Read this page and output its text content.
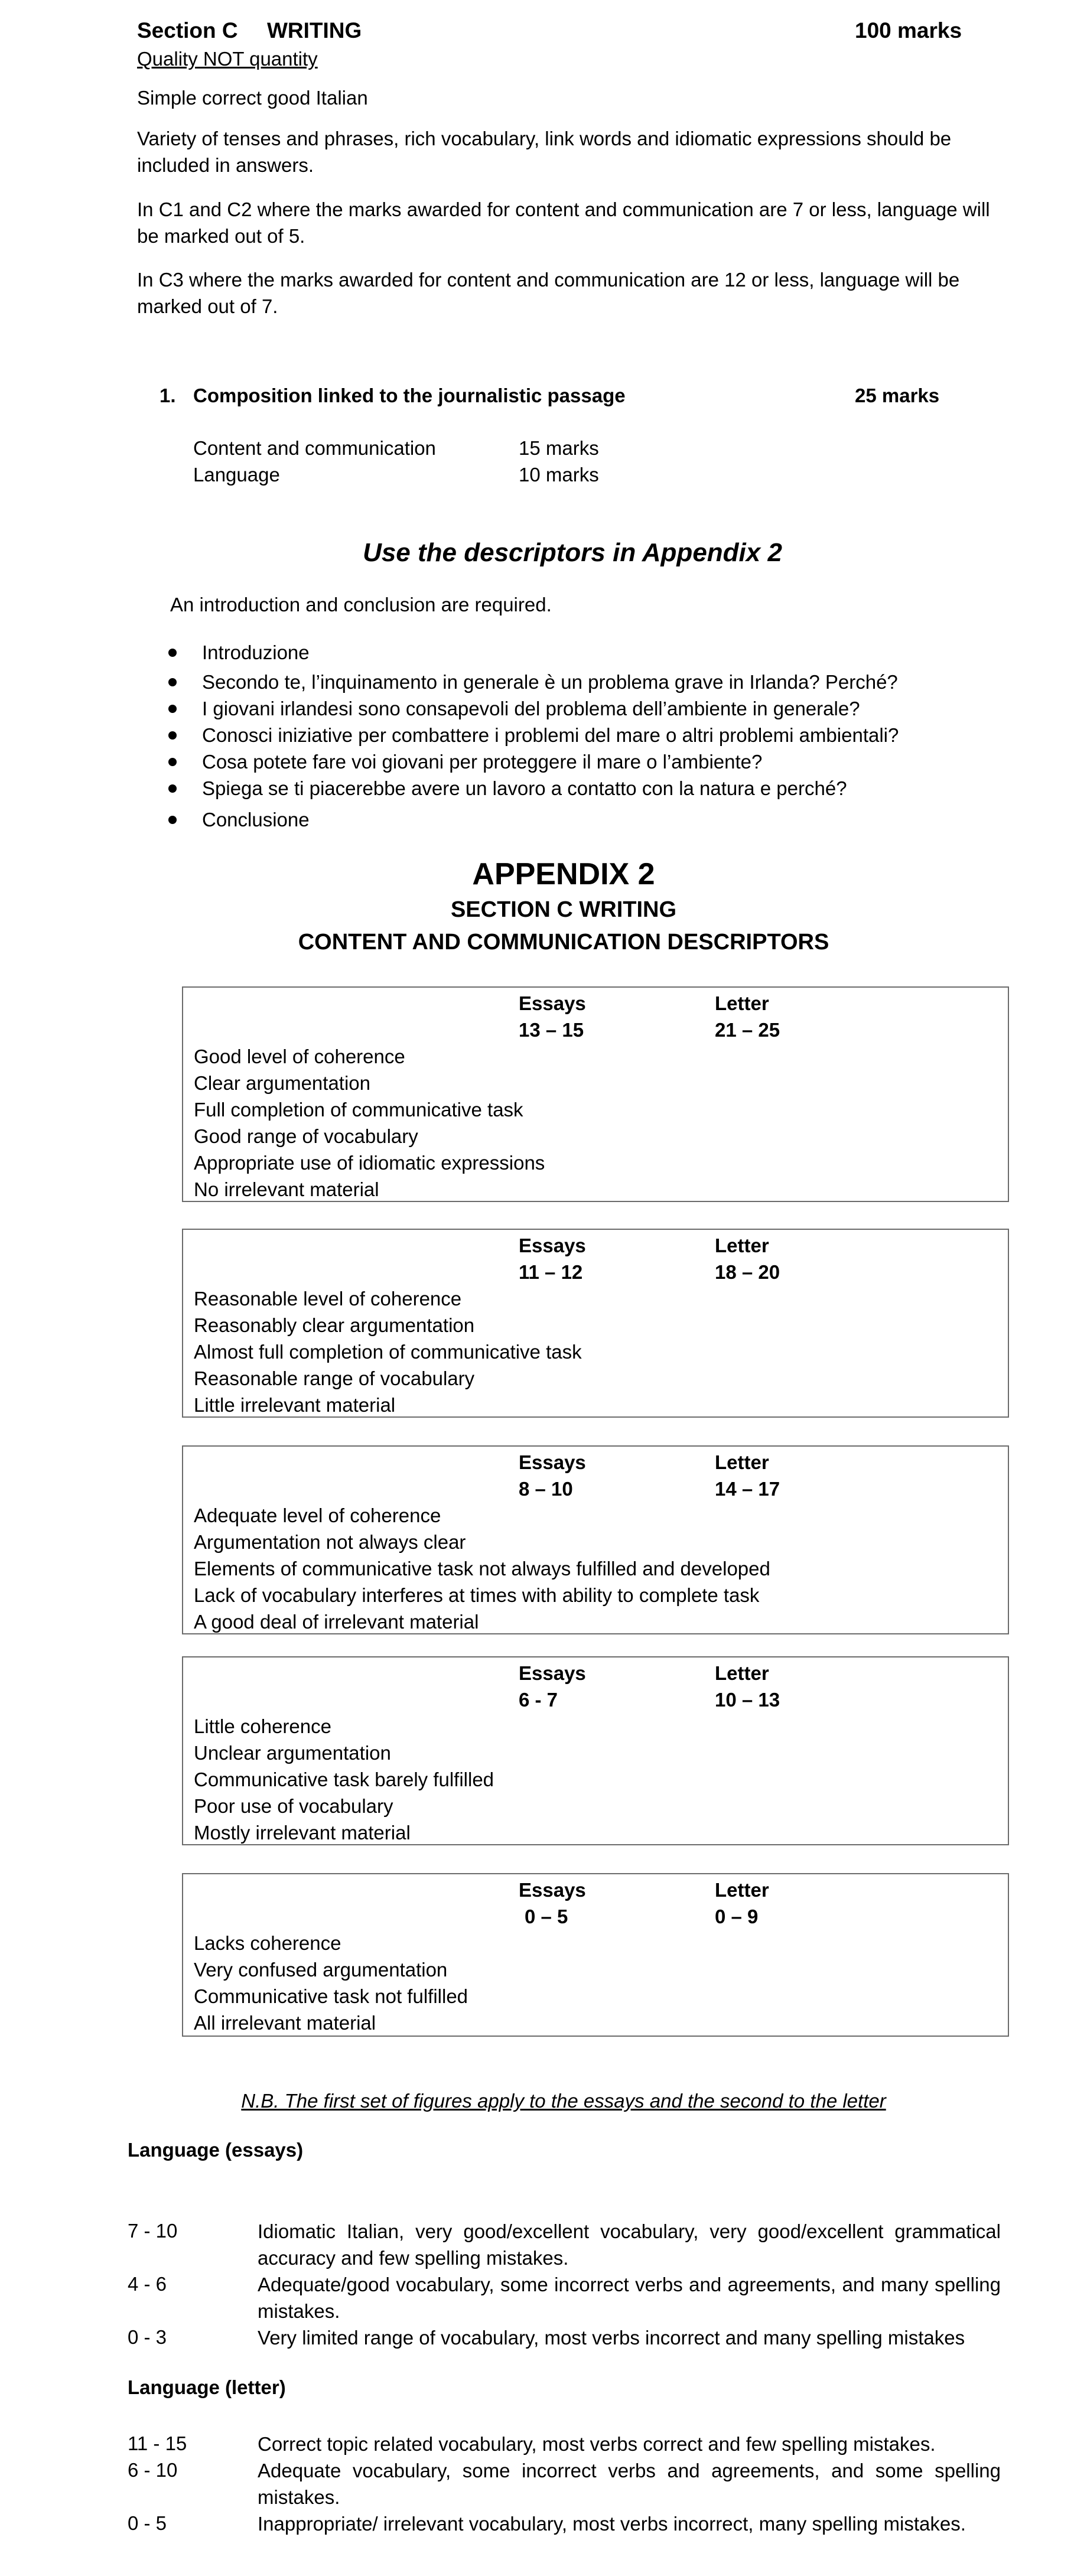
Section C WRITING	100 marks
Quality NOT quantity
Simple correct good Italian
Variety of tenses and phrases, rich vocabulary, link words and idiomatic expressions should be included in answers.
In C1 and C2 where the marks awarded for content and communication are 7 or less, language will be marked out of 5.
In C3 where the marks awarded for content and communication are 12 or less, language will be marked out of 7.
1. Composition linked to the journalistic passage	25 marks
Content and communication	15 marks
Language	10 marks
Use the descriptors in Appendix 2
An introduction and conclusion are required.
Introduzione
Secondo te, l’inquinamento in generale è un problema grave in Irlanda? Perché?
I giovani irlandesi sono consapevoli del problema dell’ambiente in generale?
Conosci iniziative per combattere i problemi del mare o altri problemi ambientali?
Cosa potete fare voi giovani per proteggere il mare o l’ambiente?
Spiega se ti piacerebbe avere un lavoro a contatto con la natura e perché?
Conclusione
APPENDIX 2
SECTION C WRITING
CONTENT AND COMMUNICATION DESCRIPTORS
Essays	Letter
13 – 15	21 – 25
Good level of coherence
Clear argumentation
Full completion of communicative task
Good range of vocabulary
Appropriate use of idiomatic expressions
No irrelevant material
Essays	Letter
11 – 12	18 – 20
Reasonable level of coherence
Reasonably clear argumentation
Almost full completion of communicative task
Reasonable range of vocabulary
Little irrelevant material
Essays	Letter
8 – 10	14 – 17
Adequate level of coherence
Argumentation not always clear
Elements of communicative task not always fulfilled and developed
Lack of vocabulary interferes at times with ability to complete task
A good deal of irrelevant material
Essays	Letter
6 - 7	10 – 13
Little coherence
Unclear argumentation
Communicative task barely fulfilled
Poor use of vocabulary
Mostly irrelevant material
Essays	Letter
0 – 5	0 – 9
Lacks coherence
Very confused argumentation
Communicative task not fulfilled
All irrelevant material
N.B. The first set of figures apply to the essays and the second to the letter
Language (essays)
7 - 10	Idiomatic Italian, very good/excellent vocabulary, very good/excellent grammatical accuracy and few spelling mistakes.
4 - 6	Adequate/good vocabulary, some incorrect verbs and agreements, and many spelling mistakes.
0 - 3	Very limited range of vocabulary, most verbs incorrect and many spelling mistakes
Language (letter)
11 - 15	Correct topic related vocabulary, most verbs correct and few spelling mistakes.
6 - 10	Adequate vocabulary, some incorrect verbs and agreements, and some spelling mistakes.
0 - 5	Inappropriate/ irrelevant vocabulary, most verbs incorrect, many spelling mistakes.
